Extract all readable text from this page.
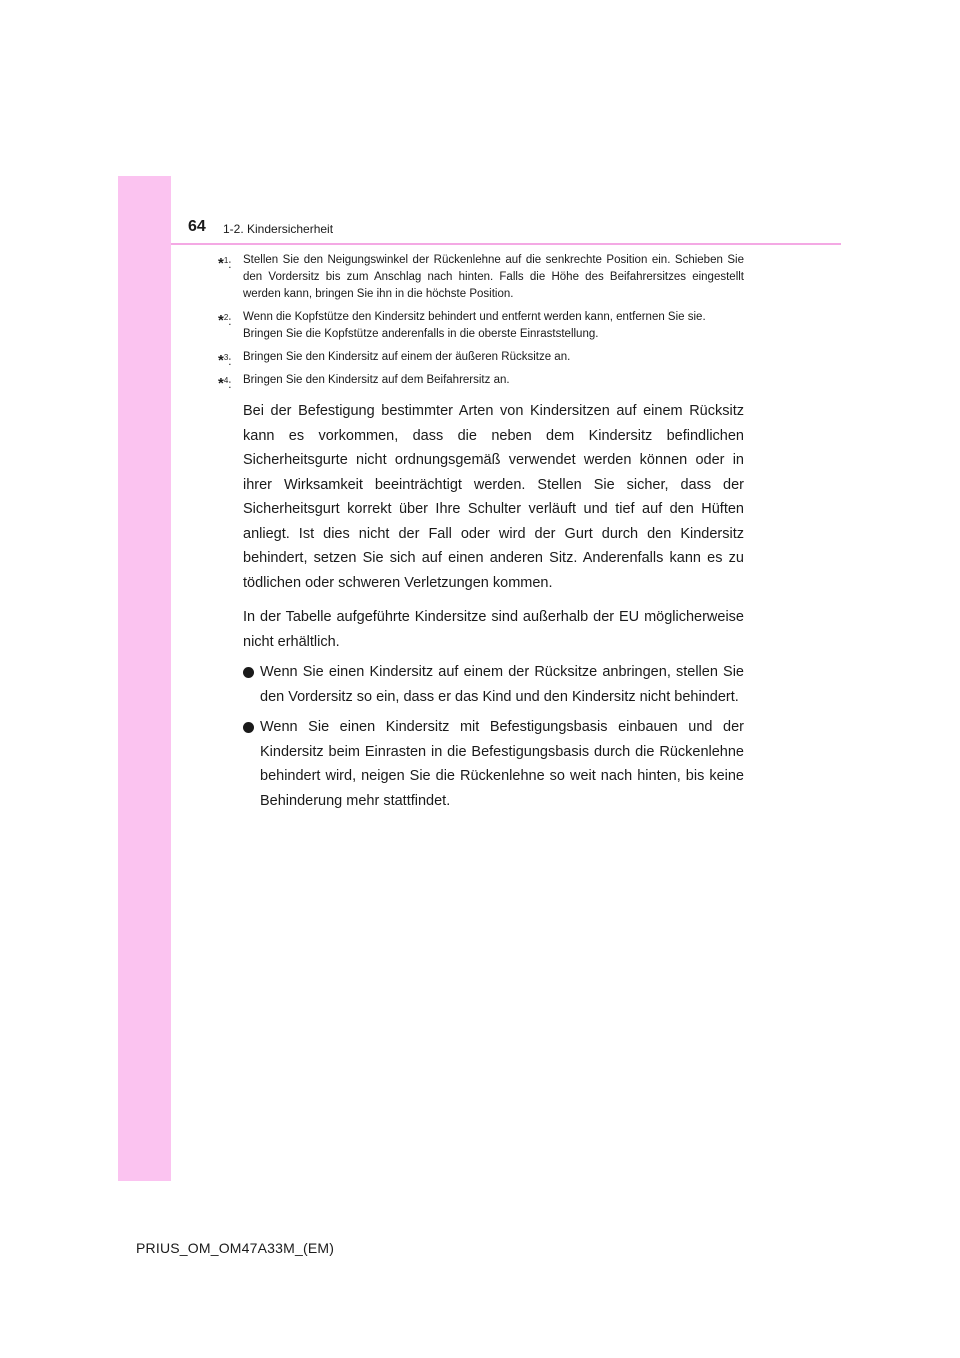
64 1-2. Kindersicherheit
*$^1$: Stellen Sie den Neigungswinkel der Rückenlehne auf die senkrechte Position ein. Schieben Sie den Vordersitz bis zum Anschlag nach hinten. Falls die Höhe des Beifahrersitzes eingestellt werden kann, bringen Sie ihn in die höchste Position.

*$^2$: Wenn die Kopfstütze den Kindersitz behindert und entfernt werden kann, entfernen Sie sie.

Bringen Sie die Kopfstütze anderenfalls in die oberste Einraststellung.

*$^3$: Bringen Sie den Kindersitz auf einem der äußeren Rücksitze an.

*$^4$: Bringen Sie den Kindersitz auf dem Beifahrersitz an.

Bei der Befestigung bestimmter Arten von Kindersitzen auf einem Rücksitz kann es vorkommen, dass die neben dem Kindersitz befindlichen Sicherheitsgurte nicht ordnungsgemäß verwendet werden können oder in ihrer Wirksamkeit beeinträchtigt werden. Stellen Sie sicher, dass der Sicherheitsgurt korrekt über Ihre Schulter verläuft und tief auf den Hüften anliegt. Ist dies nicht der Fall oder wird der Gurt durch den Kindersitz behindert, setzen Sie sich auf einen anderen Sitz. Anderenfalls kann es zu tödlichen oder schweren Verletzungen kommen.

In der Tabelle aufgeführte Kindersitze sind außerhalb der EU möglicherweise nicht erhältlich.

Wenn Sie einen Kindersitz auf einem der Rücksitze anbringen, stellen Sie den Vordersitz so ein, dass er das Kind und den Kindersitz nicht behindert.
Wenn Sie einen Kindersitz mit Befestigungsbasis einbauen und der Kindersitz beim Einrasten in die Befestigungsbasis durch die Rückenlehne behindert wird, neigen Sie die Rückenlehne so weit nach hinten, bis keine Behinderung mehr stattfindet.
PRIUS_OM_OM47A33M_(EM)
